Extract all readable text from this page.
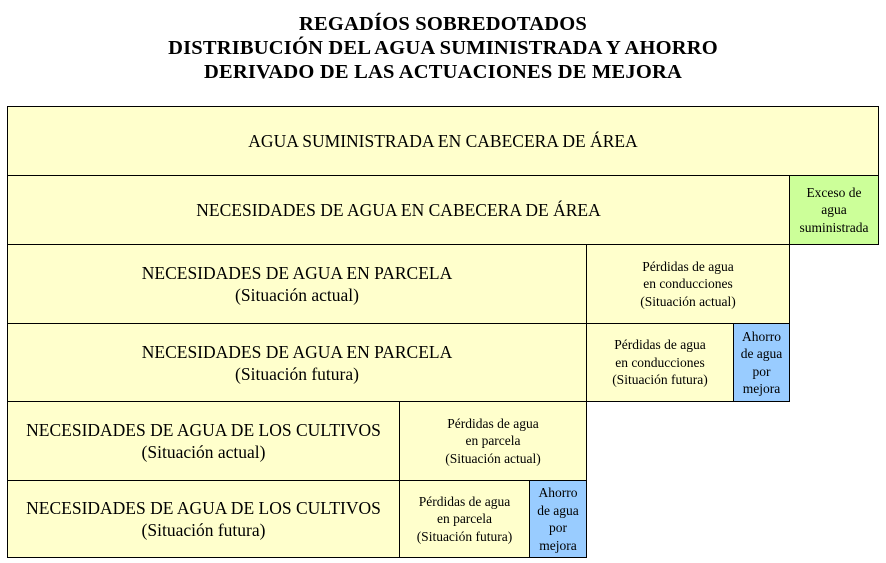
REGADÍOS SOBREDOTADOS
DISTRIBUCIÓN DEL AGUA SUMINISTRADA Y AHORRO
DERIVADO DE LAS ACTUACIONES DE MEJORA
AGUA SUMINISTRADA EN CABECERA DE ÁREA
NECESIDADES DE AGUA EN CABECERA DE ÁREA
Exceso de
agua
suministrada
NECESIDADES DE AGUA EN PARCELA
(Situación actual)
Pérdidas de agua
en conducciones
(Situación actual)
NECESIDADES DE AGUA EN PARCELA
(Situación futura)
Pérdidas de agua
en conducciones
(Situación futura)
Ahorro
de agua
por
mejora
NECESIDADES DE AGUA DE LOS CULTIVOS
(Situación actual)
Pérdidas de agua
en parcela
(Situación actual)
NECESIDADES DE AGUA DE LOS CULTIVOS
(Situación futura)
Pérdidas de agua
en parcela
(Situación futura)
Ahorro
de agua
por
mejora
